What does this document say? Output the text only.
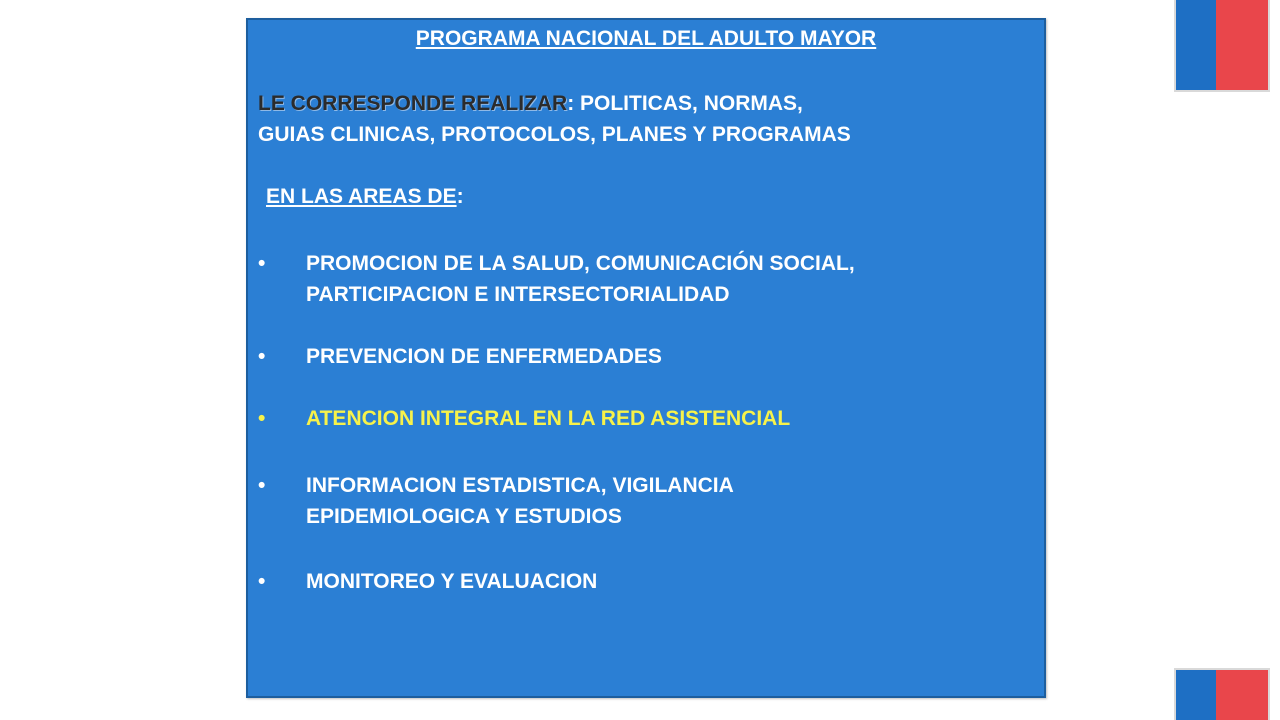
PROGRAMA NACIONAL DEL ADULTO MAYOR
LE CORRESPONDE REALIZAR: POLITICAS, NORMAS,
GUIAS CLINICAS, PROTOCOLOS, PLANES Y PROGRAMAS
EN LAS AREAS DE:
• PROMOCION DE LA SALUD, COMUNICACIÓN SOCIAL,
PARTICIPACION E INTERSECTORIALIDAD
• PREVENCION DE ENFERMEDADES
• ATENCION INTEGRAL EN LA RED ASISTENCIAL
• INFORMACION ESTADISTICA, VIGILANCIA
EPIDEMIOLOGICA Y ESTUDIOS
• MONITOREO Y EVALUACION
